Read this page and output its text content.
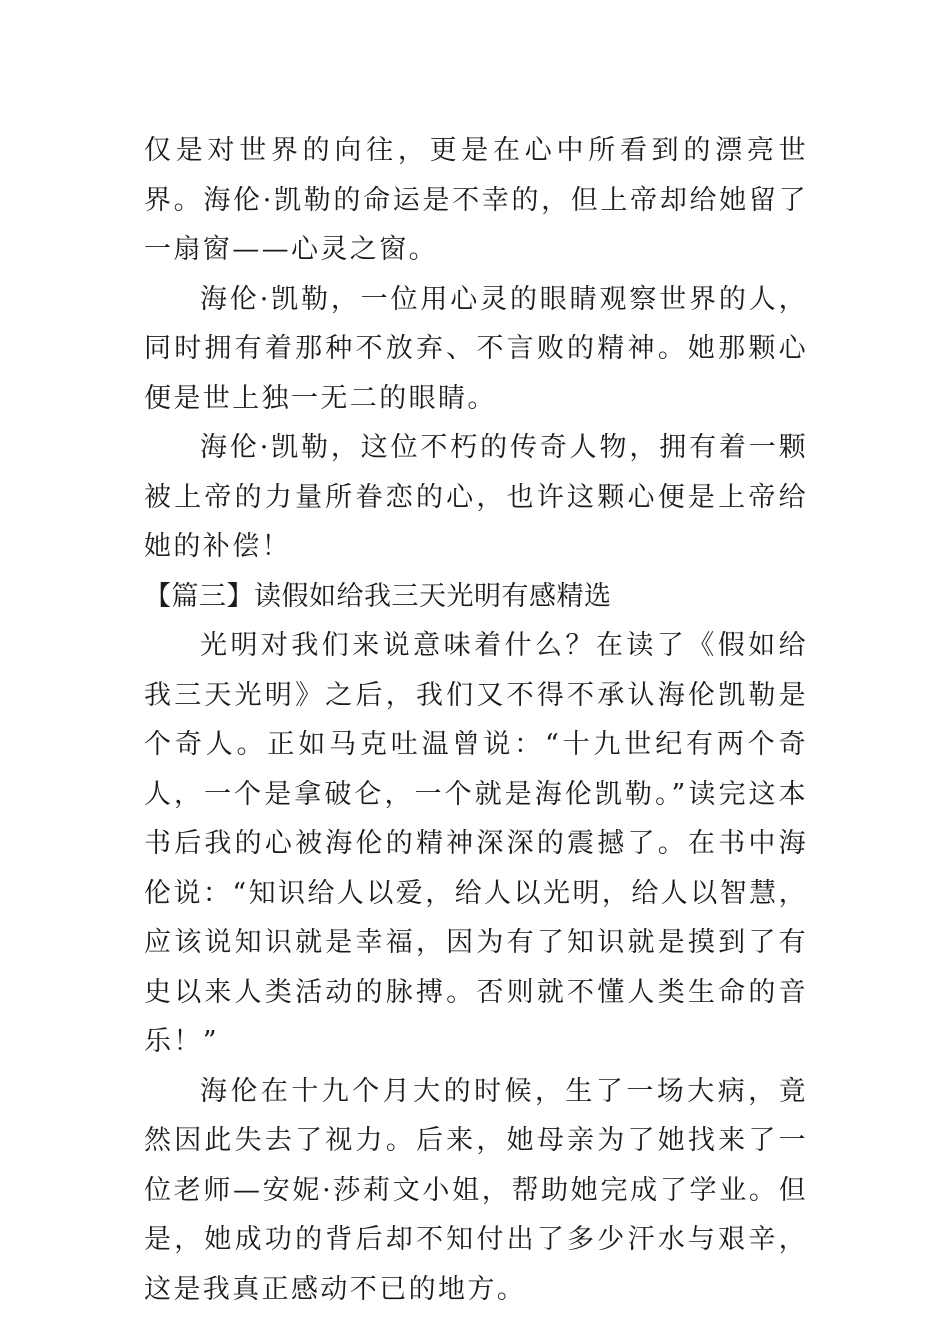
仅是对世界的向往，更是在心中所看到的漂亮世界。海伦·凯勒的命运是不幸的，但上帝却给她留了一扇窗——心灵之窗。

海伦·凯勒，一位用心灵的眼睛观察世界的人，同时拥有着那种不放弃、不言败的精神。她那颗心便是世上独一无二的眼睛。

海伦·凯勒，这位不朽的传奇人物，拥有着一颗被上帝的力量所眷恋的心，也许这颗心便是上帝给她的补偿！

【篇三】读假如给我三天光明有感精选

光明对我们来说意味着什么？在读了《假如给我三天光明》之后，我们又不得不承认海伦凯勒是个奇人。正如马克吐温曾说：“十九世纪有两个奇人，一个是拿破仑，一个就是海伦凯勒。”读完这本书后我的心被海伦的精神深深的震撼了。在书中海伦说：“知识给人以爱，给人以光明，给人以智慧，应该说知识就是幸福，因为有了知识就是摸到了有史以来人类活动的脉搏。否则就不懂人类生命的音乐！”

海伦在十九个月大的时候，生了一场大病，竟然因此失去了视力。后来，她母亲为了她找来了一位老师—安妮·莎莉文小姐，帮助她完成了学业。但是，她成功的背后却不知付出了多少汗水与艰辛，这是我真正感动不已的地方。
